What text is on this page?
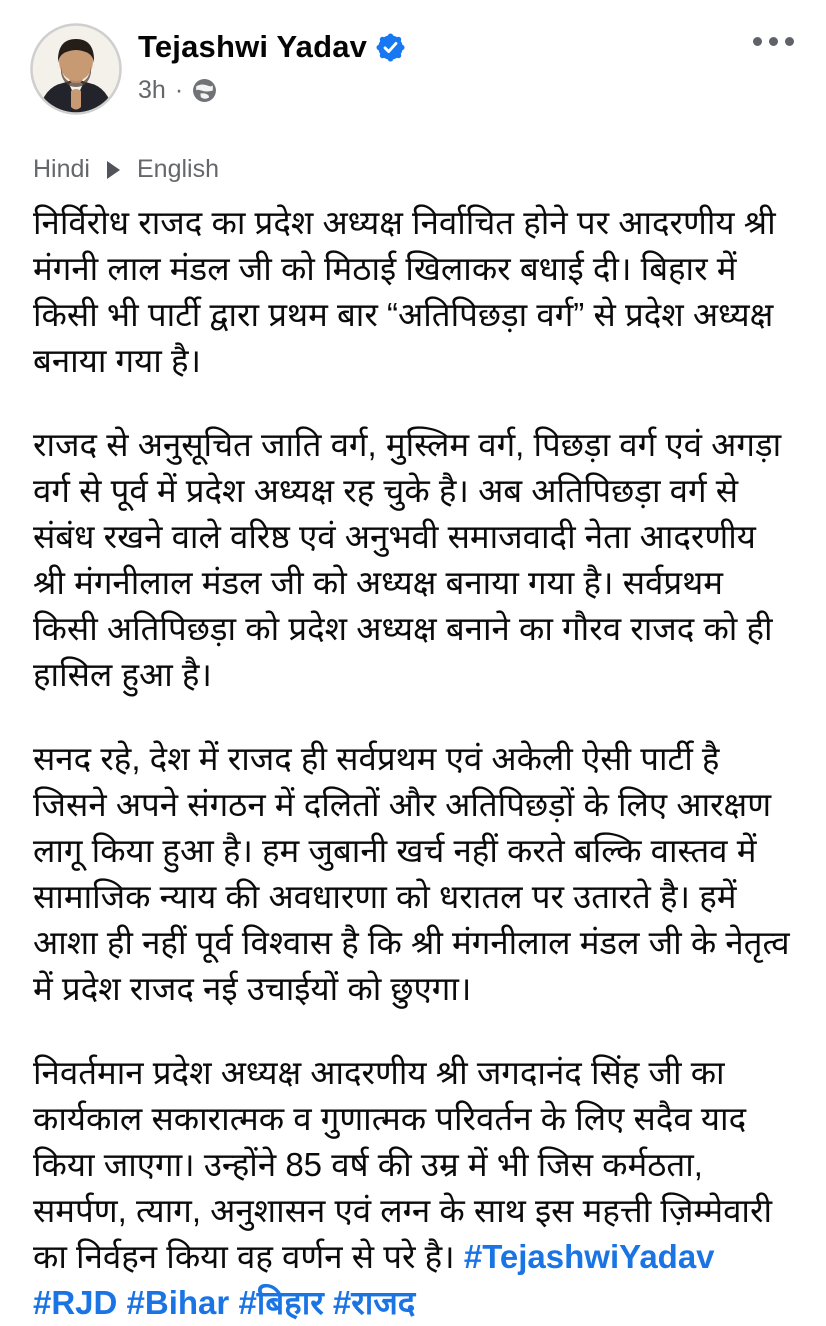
Tejashwi Yadav
3h ·
Hindi English

निर्विरोध राजद का प्रदेश अध्यक्ष निर्वाचित होने पर आदरणीय श्री मंगनी लाल मंडल जी को मिठाई खिलाकर बधाई दी। बिहार में किसी भी पार्टी द्वारा प्रथम बार “अतिपिछड़ा वर्ग” से प्रदेश अध्यक्ष बनाया गया है।

राजद से अनुसूचित जाति वर्ग, मुस्लिम वर्ग, पिछड़ा वर्ग एवं अगड़ा वर्ग से पूर्व में प्रदेश अध्यक्ष रह चुके है। अब अतिपिछड़ा वर्ग से संबंध रखने वाले वरिष्ठ एवं अनुभवी समाजवादी नेता आदरणीय श्री मंगनीलाल मंडल जी को अध्यक्ष बनाया गया है। सर्वप्रथम किसी अतिपिछड़ा को प्रदेश अध्यक्ष बनाने का गौरव राजद को ही हासिल हुआ है।

सनद रहे, देश में राजद ही सर्वप्रथम एवं अकेली ऐसी पार्टी है जिसने अपने संगठन में दलितों और अतिपिछड़ों के लिए आरक्षण लागू किया हुआ है। हम जुबानी खर्च नहीं करते बल्कि वास्तव में सामाजिक न्याय की अवधारणा को धरातल पर उतारते है। हमें आशा ही नहीं पूर्व विश्वास है कि श्री मंगनीलाल मंडल जी के नेतृत्व में प्रदेश राजद नई उचाईयों को छुएगा।

निवर्तमान प्रदेश अध्यक्ष आदरणीय श्री जगदानंद सिंह जी का कार्यकाल सकारात्मक व गुणात्मक परिवर्तन के लिए सदैव याद किया जाएगा। उन्होंने 85 वर्ष की उम्र में भी जिस कर्मठता, समर्पण, त्याग, अनुशासन एवं लग्न के साथ इस महत्ती ज़िम्मेवारी का निर्वहन किया वह वर्णन से परे है। #TejashwiYadav #RJD #Bihar #बिहार #राजद
